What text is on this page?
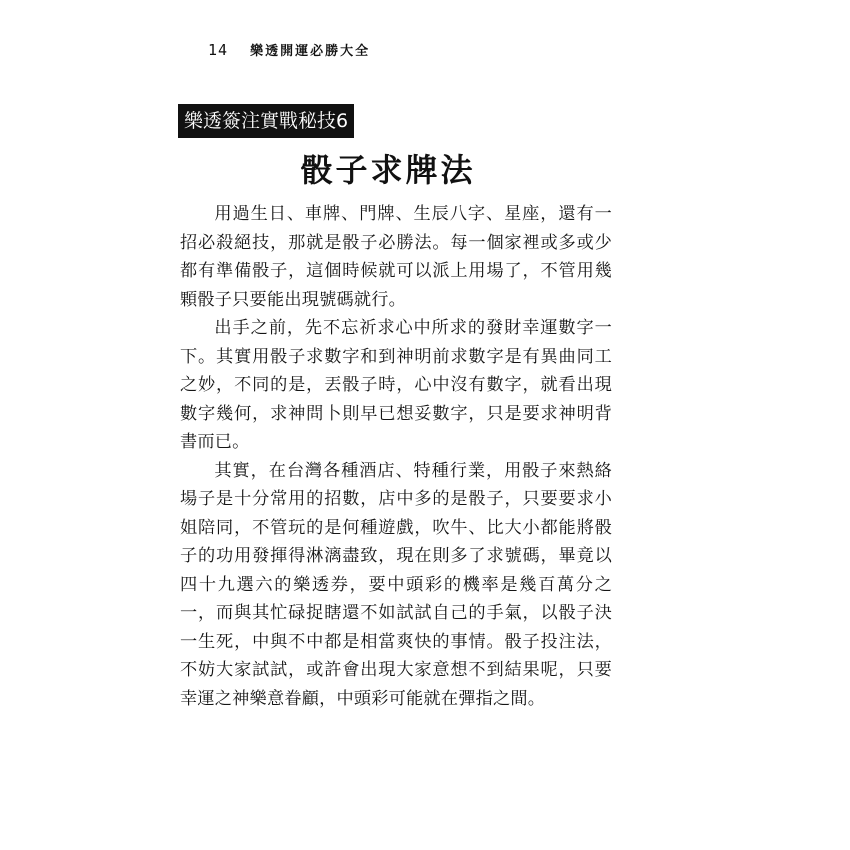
14 樂透開運必勝大全
樂透簽注實戰秘技6
骰子求牌法

用過生日、車牌、門牌、生辰八字、星座，還有一招必殺絕技，那就是骰子必勝法。每一個家裡或多或少都有準備骰子，這個時候就可以派上用場了，不管用幾顆骰子只要能出現號碼就行。

出手之前，先不忘祈求心中所求的發財幸運數字一下。其實用骰子求數字和到神明前求數字是有異曲同工之妙，不同的是，丟骰子時，心中沒有數字，就看出現數字幾何，求神問卜則早已想妥數字，只是要求神明背書而已。

其實，在台灣各種酒店、特種行業，用骰子來熱絡場子是十分常用的招數，店中多的是骰子，只要要求小姐陪同，不管玩的是何種遊戲，吹牛、比大小都能將骰子的功用發揮得淋漓盡致，現在則多了求號碼，畢竟以四十九選六的樂透券，要中頭彩的機率是幾百萬分之一，而與其忙碌捉瞎還不如試試自己的手氣，以骰子決一生死，中與不中都是相當爽快的事情。骰子投注法，不妨大家試試，或許會出現大家意想不到結果呢，只要幸運之神樂意眷顧，中頭彩可能就在彈指之間。
